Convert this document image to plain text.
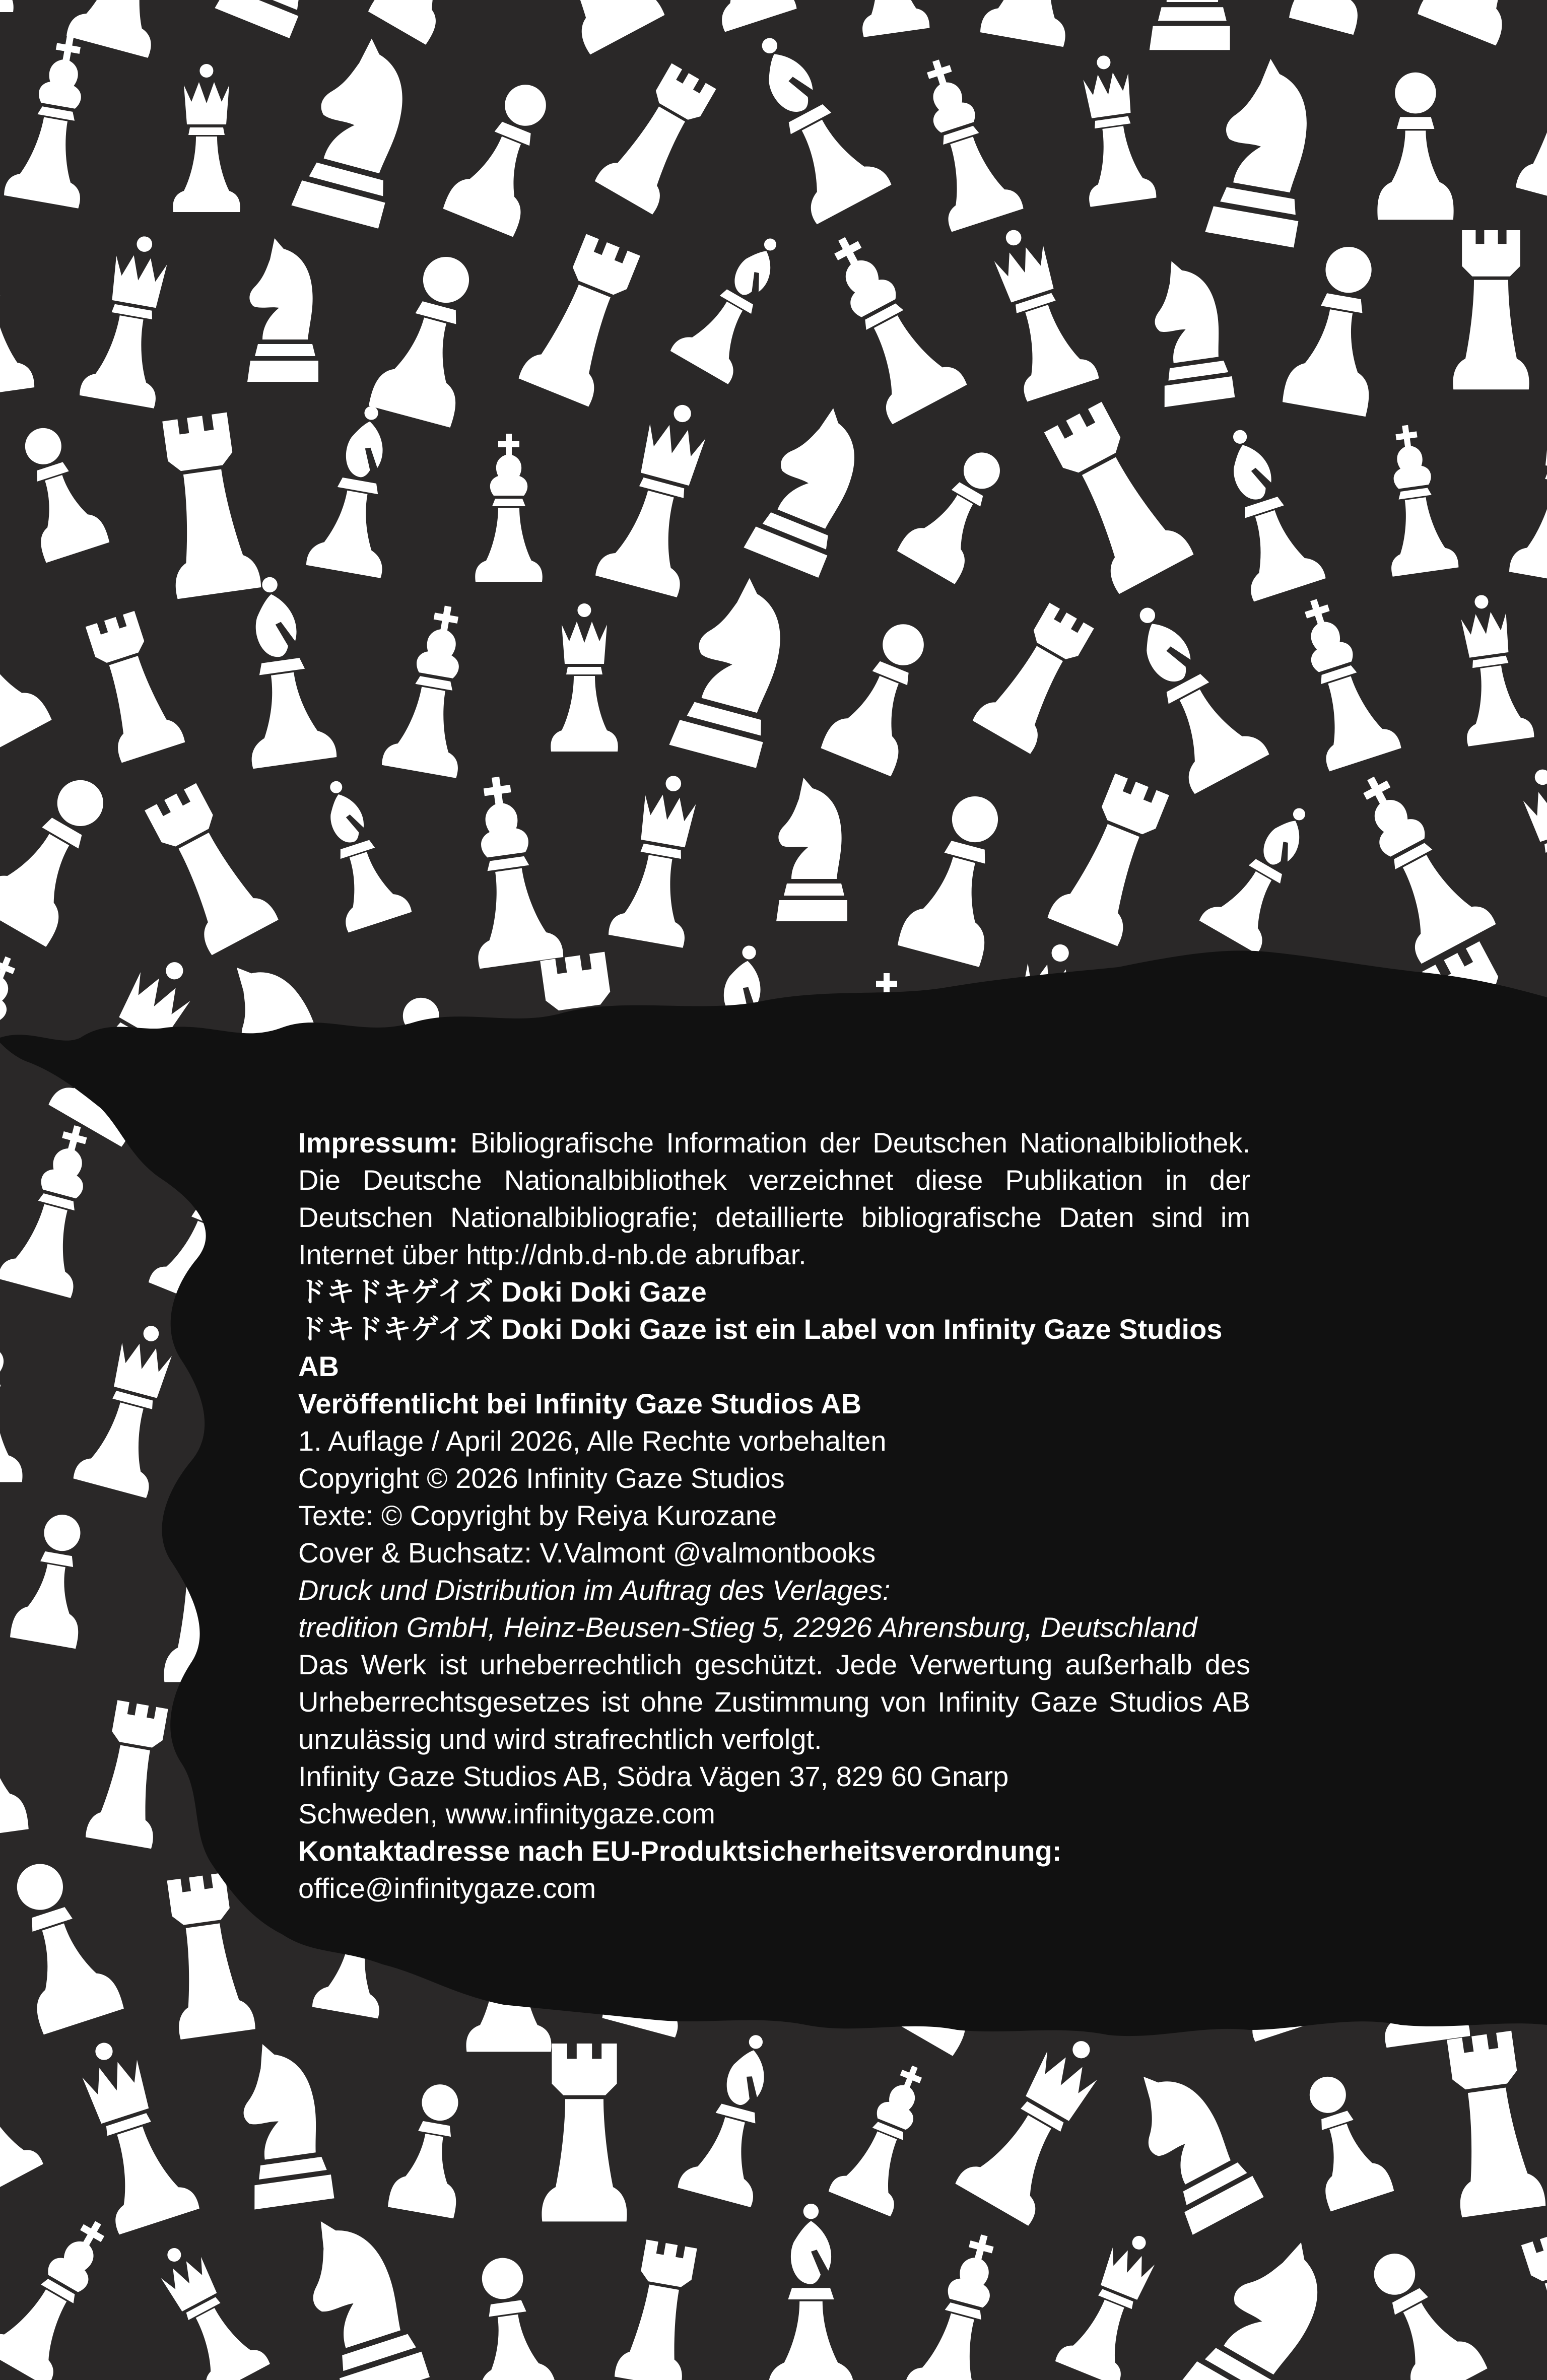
Impressum: Bibliografische Information der Deutschen Nationalbibliothek. Die Deutsche Nationalbibliothek verzeichnet diese Publikation in der Deutschen Nationalbibliografie; detaillierte bibliografische Daten sind im Internet über http://dnb.d-nb.de abrufbar.

ドキドキゲイズ Doki Doki Gaze

ドキドキゲイズ Doki Doki Gaze ist ein Label von Infinity Gaze Studios AB

Veröffentlicht bei Infinity Gaze Studios AB

1. Auflage / April 2026, Alle Rechte vorbehalten

Copyright © 2026 Infinity Gaze Studios

Texte: © Copyright by Reiya Kurozane

Cover & Buchsatz: V.Valmont @valmontbooks

Druck und Distribution im Auftrag des Verlages:

tredition GmbH, Heinz-Beusen-Stieg 5, 22926 Ahrensburg, Deutschland

Das Werk ist urheberrechtlich geschützt. Jede Verwertung außerhalb des Urheberrechtsgesetzes ist ohne Zustimmung von Infinity Gaze Studios AB unzulässig und wird strafrechtlich verfolgt.

Infinity Gaze Studios AB, Södra Vägen 37, 829 60 Gnarp

Schweden, www.infinitygaze.com

Kontaktadresse nach EU-Produktsicherheitsverordnung:

office@infinitygaze.com
